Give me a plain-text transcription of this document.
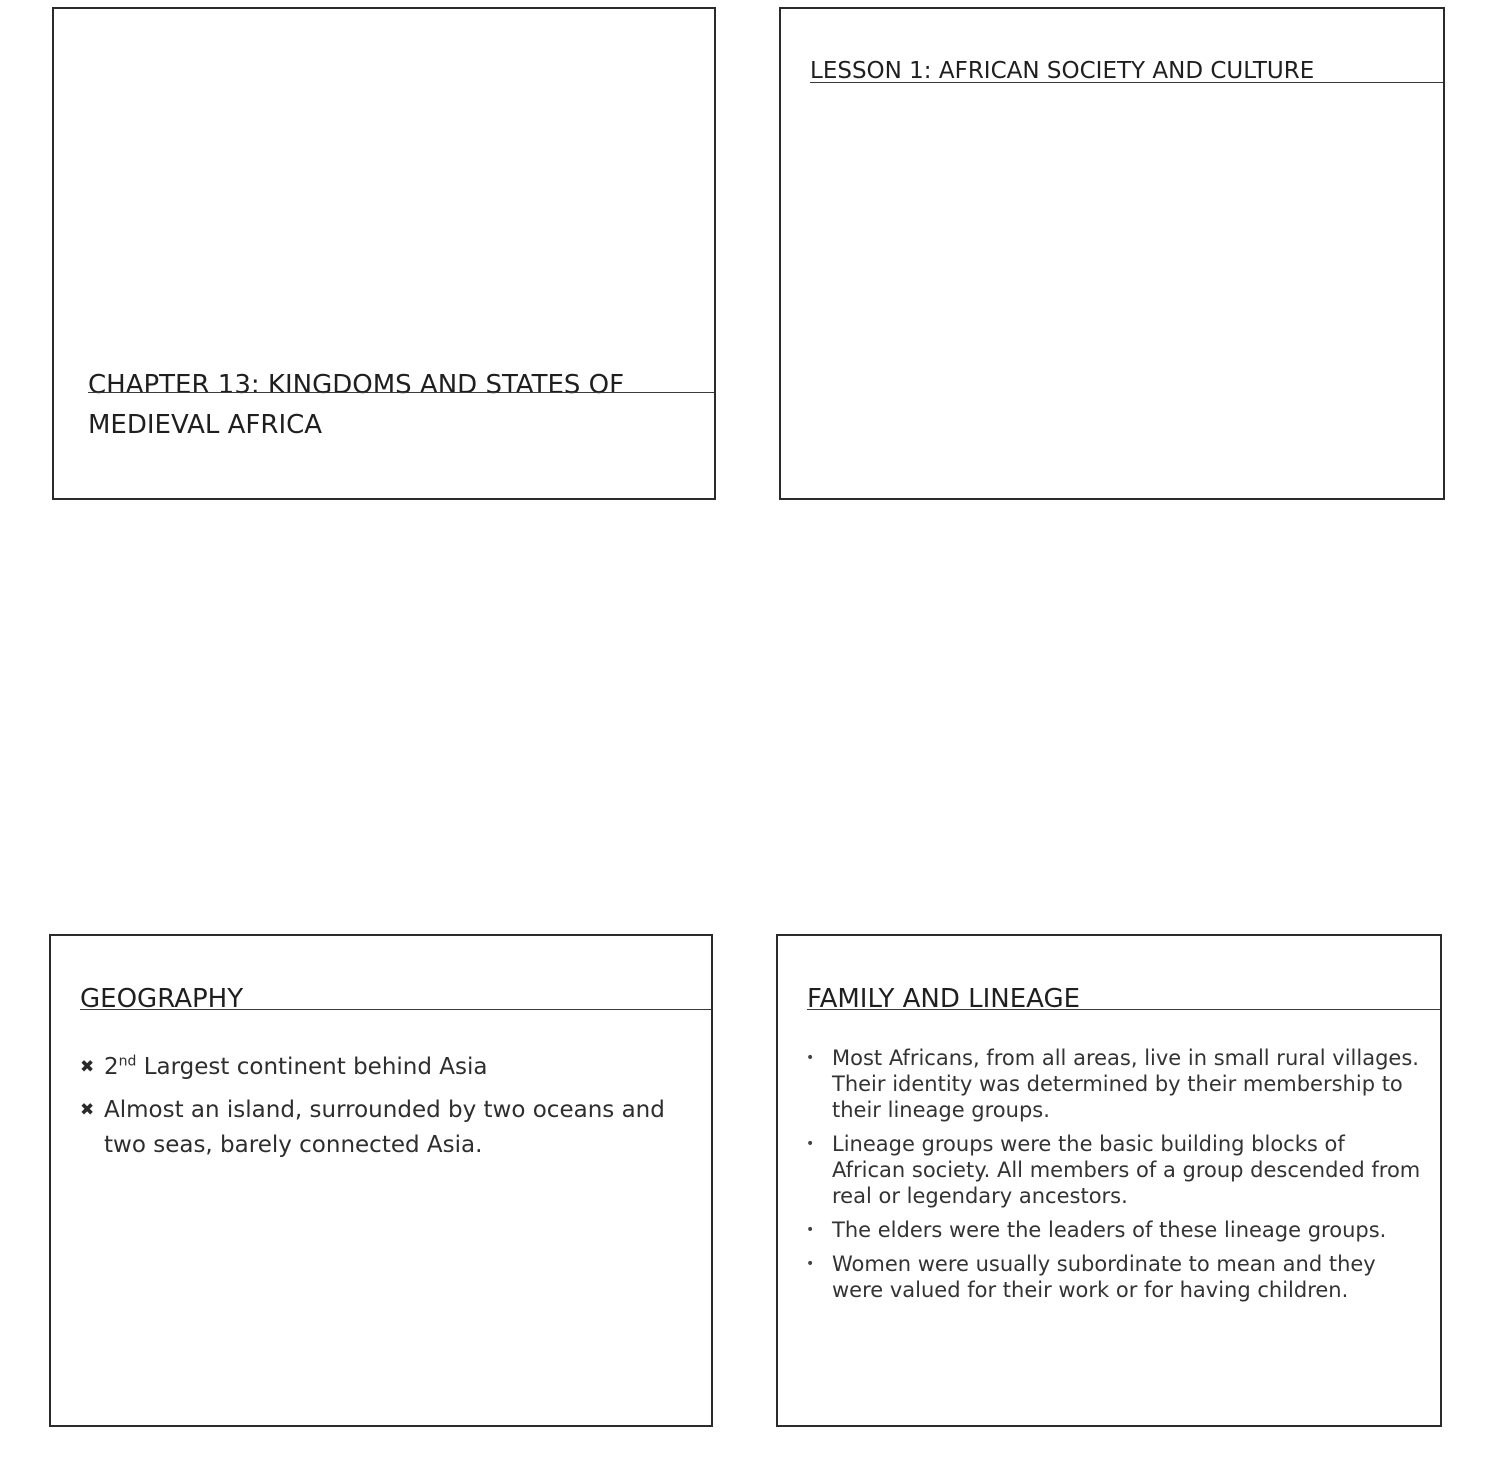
CHAPTER 13: KINGDOMS AND STATES OF MEDIEVAL AFRICA
LESSON 1: AFRICAN SOCIETY AND CULTURE
GEOGRAPHY
✖ 2nd Largest continent behind Asia
✖ Almost an island, surrounded by two oceans and two seas, barely connected Asia.
FAMILY AND LINEAGE
• Most Africans, from all areas, live in small rural villages. Their identity was determined by their membership to their lineage groups.
• Lineage groups were the basic building blocks of African society. All members of a group descended from real or legendary ancestors.
• The elders were the leaders of these lineage groups.
• Women were usually subordinate to mean and they were valued for their work or for having children.
